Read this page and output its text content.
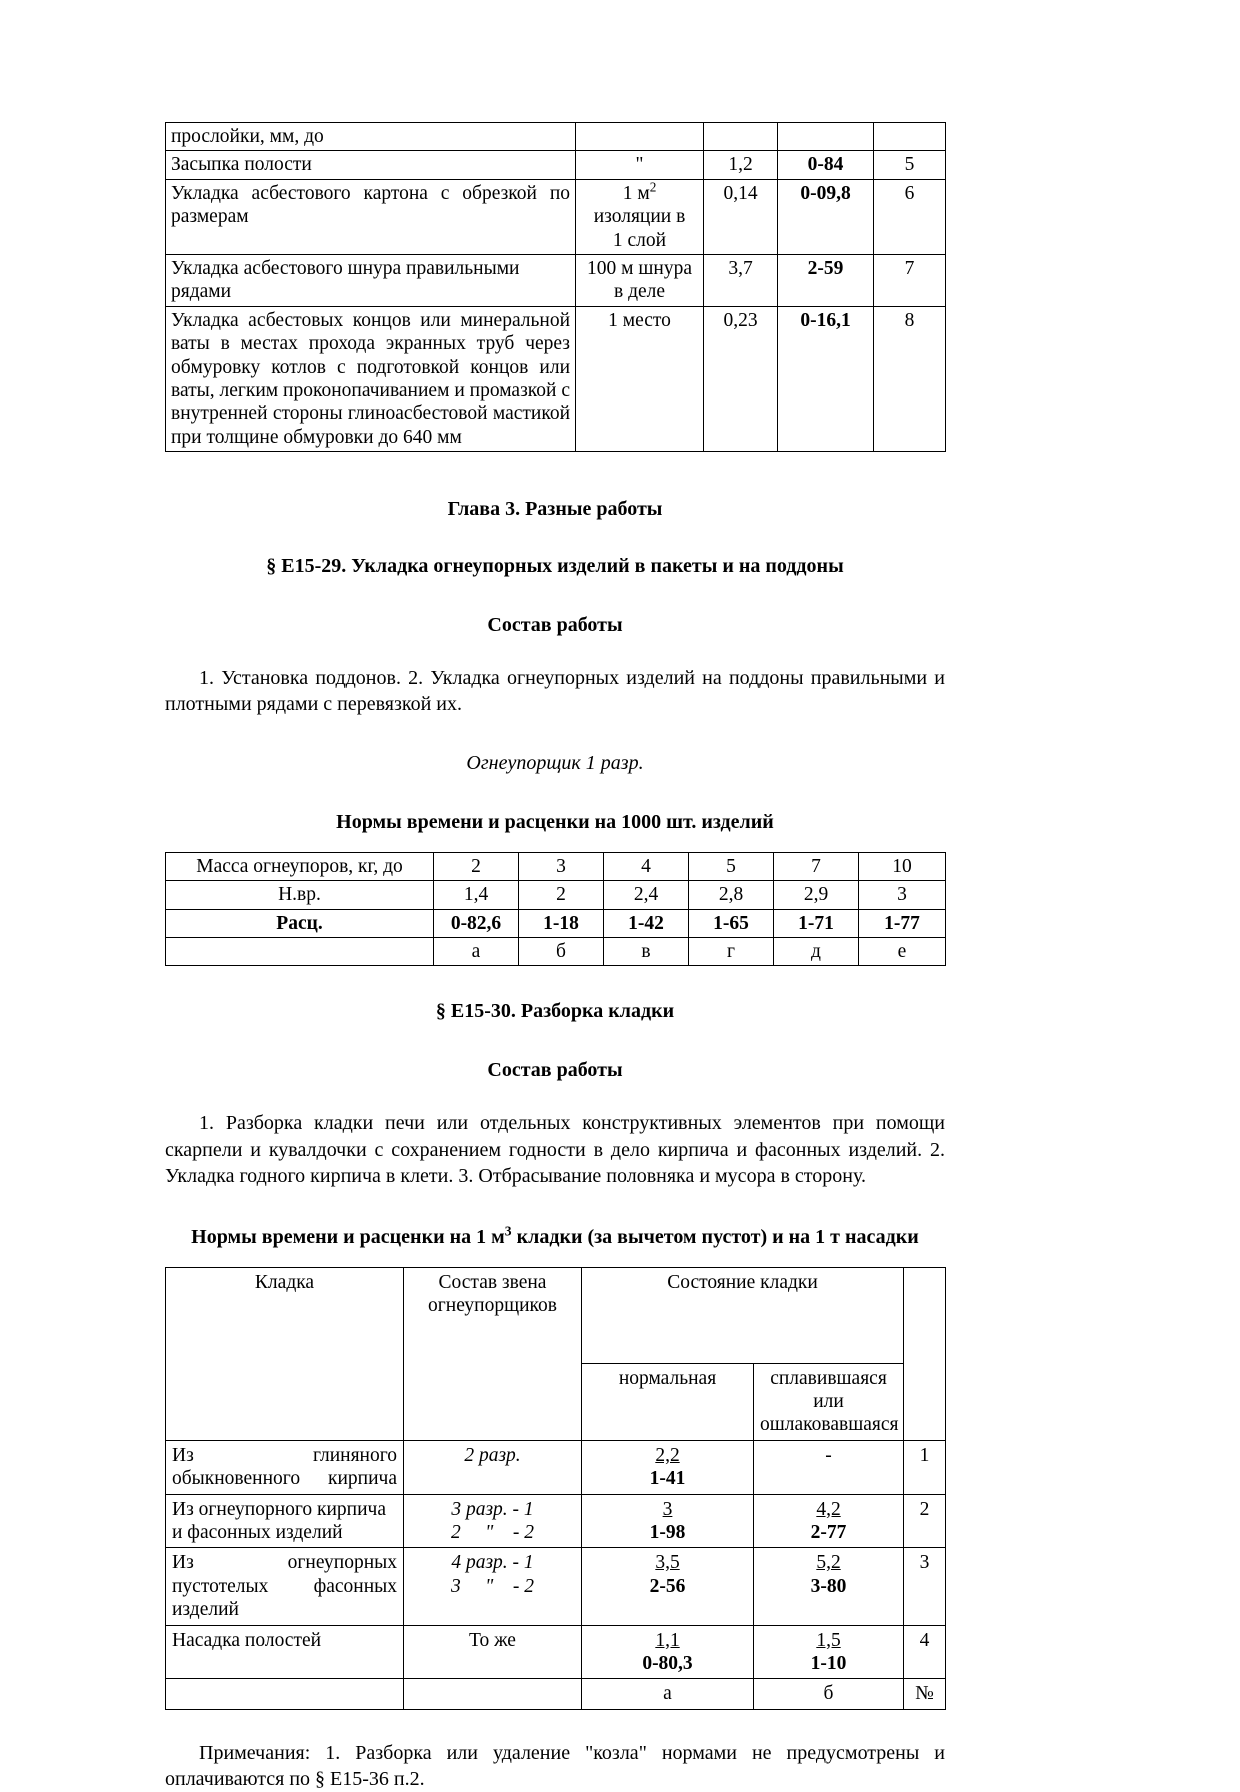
прослойки, мм, до				
Засыпка полости	"	1,2	0-84	5
Укладка асбестового картона с обрезкой по размерам	1 $м^2$
изоляции в
1 слой	0,14	0-09,8	6
Укладка асбестового шнура правильными рядами	100 м шнура
в деле	3,7	2-59	7
Укладка асбестовых концов или минеральной ваты в местах прохода экранных труб через обмуровку котлов с подготовкой концов или ваты, легким проконопачиванием и промазкой с внутренней стороны глиноасбестовой мастикой при толщине обмуровки до 640 мм	1 место	0,23	0-16,1	8
Глава 3. Разные работы
§ Е15-29. Укладка огнеупорных изделий в пакеты и на поддоны
Состав работы

1. Установка поддонов. 2. Укладка огнеупорных изделий на поддоны правильными и плотными рядами с перевязкой их.

Огнеупорщик 1 разр.

Нормы времени и расценки на 1000 шт. изделий
Масса огнеупоров, кг, до	2	3	4	5	7	10
Н.вр.	1,4	2	2,4	2,8	2,9	3
Расц.	0-82,6	1-18	1-42	1-65	1-71	1-77
	а	б	в	г	д	е
§ Е15-30. Разборка кладки
Состав работы

1. Разборка кладки печи или отдельных конструктивных элементов при помощи скарпели и кувалдочки с сохранением годности в дело кирпича и фасонных изделий. 2. Укладка годного кирпича в клети. 3. Отбрасывание половняка и мусора в сторону.

Нормы времени и расценки на 1 $м^3$ кладки (за вычетом пустот) и на 1 т насадки
Кладка	Состав звена
огнеупорщиков	Состояние кладки		
		нормальная	сплавившаяся
или
ошлаковавшаяся	
Из глиняного обыкновенного кирпича	2 разр.	2,2
1-41	-	1
Из огнеупорного кирпича и фасонных изделий	3 разр. - 1
2     "    - 2	3
1-98	4,2
2-77	2
Из огнеупорных пустотелых фасонных изделий	4 разр. - 1
3     "    - 2	3,5
2-56	5,2
3-80	3
Насадка полостей	То же	1,1
0-80,3	1,5
1-10	4
		а	б	№

Примечания: 1. Разборка или удаление "козла" нормами не предусмотрены и оплачиваются по § Е15-36 п.2.
